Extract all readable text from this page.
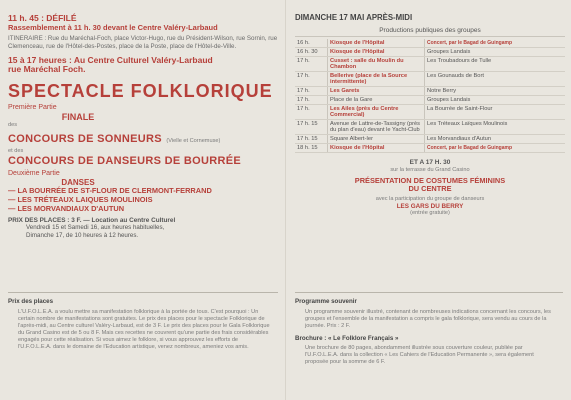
11 h. 45 : DÉFILÉ

Rassemblement à 11 h. 30 devant le Centre Valéry-Larbaud

ITINERAIRE : Rue du Maréchal-Foch, place Victor-Hugo, rue du Président-Wilson, rue Sornin, rue Clemenceau, rue de l'Hôtel-des-Postes, place de la Poste, place de l'Hôtel-de-Ville.

15 à 17 heures : Au Centre Culturel Valéry-Larbaud

rue Maréchal Foch.

SPECTACLE FOLKLORIQUE

Première Partie

FINALE

des

CONCOURS DE SONNEURS (Vielle et Cornemuse)

et des

CONCOURS DE DANSEURS DE BOURRÉE

Deuxième Partie

DANSES

— LA BOURRÉE DE ST-FLOUR DE CLERMONT-FERRAND

— LES TRÉTEAUX LAIQUES MOULINOIS

— LES MORVANDIAUX D'AUTUN

PRIX DES PLACES : 3 F. — Location au Centre Culturel

Vendredi 15 et Samedi 16, aux heures habituelles,

Dimanche 17, de 10 heures à 12 heures.

DIMANCHE 17 MAI APRÈS-MIDI

Productions publiques des groupes

16 h.	Kiosque de l'Hôpital	Concert, par le Bagad de Guingamp
16 h. 30	Kiosque de l'Hôpital	Groupes Landais
17 h.	Cusset : salle du Moulin du Chambon	Les Troubadours de Tulle
17 h.	Bellerive (place de la Source intermittente)	Les Gounauds de Bort
17 h.	Les Garets	Notre Berry
17 h.	Place de la Gare	Groupes Landais
17 h.	Les Ailes (près du Centre Commercial)	La Bourrée de Saint-Flour
17 h. 15	Avenue de Lattre-de-Tassigny (près du plan d'eau) devant le Yacht-Club	Les Tréteaux Laïques Moulinois
17 h. 15	Square Albert-Ier	Les Morvandiaux d'Autun
18 h. 15	Kiosque de l'Hôpital	Concert, par le Bagad de Guingamp

ET A 17 H. 30

sur la terrasse du Grand Casino

PRÉSENTATION DE COSTUMES FÉMININS

DU CENTRE

avec la participation du groupe de danseurs

LES GARS DU BERRY

(entrée gratuite)

Prix des places

L'U.F.O.L.E.A. a voulu mettre sa manifestation folklorique à la portée de tous. C'est pourquoi : Un certain nombre de manifestations sont gratuites. Le prix des places pour le spectacle Folklorique de l'après-midi, au Centre culturel Valéry-Larbaud, est de 3 F. Le prix des places pour le Gala Folklorique du Grand Casino est de 5 ou 8 F. Mais ces recettes ne couvrent qu'une partie des frais considérables engagés pour cette réalisation. Si vous aimez le folklore, si vous approuvez les efforts de l'U.F.O.L.E.A. dans le domaine de l'Education artistique, venez nombreux, ameniez vos amis.

Programme souvenir

Un programme souvenir illustré, contenant de nombreuses indications concernant les concours, les groupes et l'ensemble de la manifestation a compris le gala folklorique, sera vendu au cours de la journée. Prix : 2 F.

Brochure : « Le Folklore Français »

Une brochure de 80 pages, abondamment illustrée sous couverture couleur, publiée par l'U.F.O.L.E.A. dans la collection « Les Cahiers de l'Education Permanente », sera également proposée pour la somme de 6 F.
